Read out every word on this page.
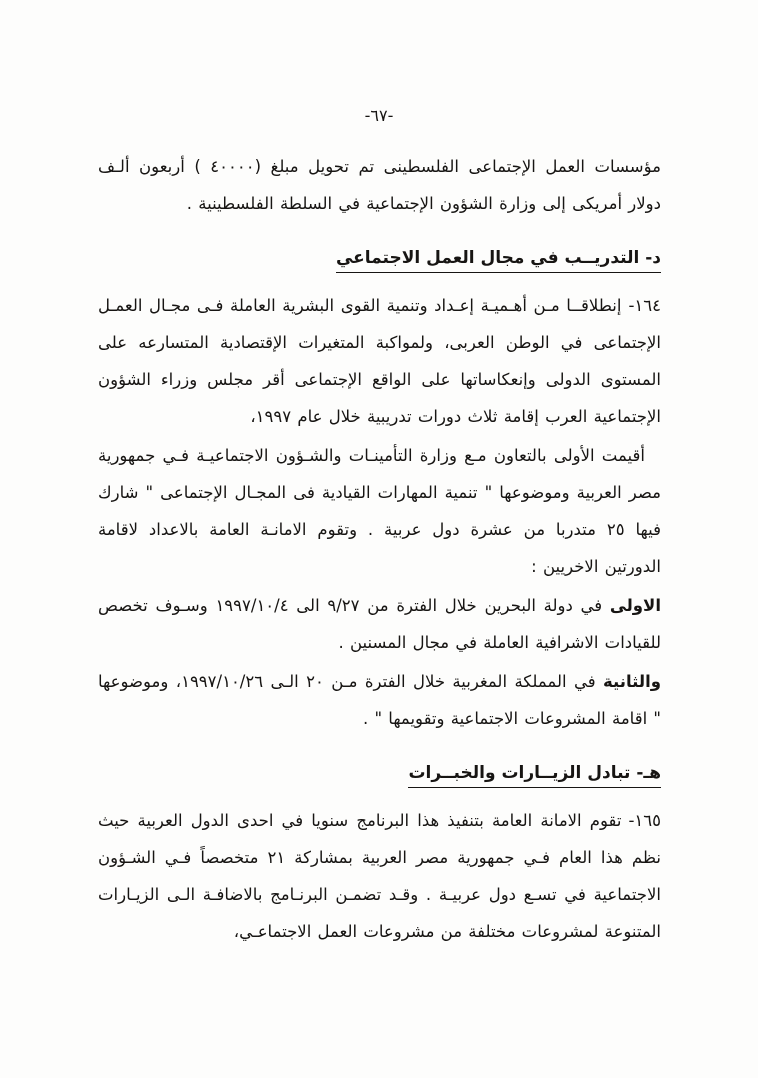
-٦٧-

مؤسسات العمل الإجتماعى الفلسطينى تم تحويل مبلغ (٤٠٠٠٠ ) أربعون ألـف دولار أمريكى إلى وزارة الشؤون الإجتماعية في السلطة الفلسطينية .

د- التدريــب في مجال العمل الاجتماعي

١٦٤-إنطلاقــا مـن أهـميـة إعـداد وتنمية القوى البشرية العاملة فـى مجـال العمـل الإجتماعى في الوطن العربى، ولمواكبة المتغيرات الإقتصادية المتسارعه على المستوى الدولى وإنعكاساتها على الواقع الإجتماعى أقر مجلس وزراء الشؤون الإجتماعية العرب إقامة ثلاث دورات تدريبية خلال عام ١٩٩٧،

أقيمت الأولى بالتعاون مـع وزارة التأمينـات والشـؤون الاجتماعيـة فـي جمهورية مصر العربية وموضوعها " تنمية المهارات القيادية فى المجـال الإجتماعى " شارك فيها ٢٥ متدربا من عشرة دول عربية . وتقوم الامانـة العامة بالاعداد لاقامة الدورتين الاخريين :

الاولى في دولة البحرين خلال الفترة من ٩/٢٧ الى ١٩٩٧/١٠/٤ وسـوف تخصص للقيادات الاشرافية العاملة في مجال المسنين .

والثانية في المملكة المغربية خلال الفترة مـن ٢٠ الـى ١٩٩٧/١٠/٢٦، وموضوعها " اقامة المشروعات الاجتماعية وتقويمها " .

هـ- تبادل الزيــارات والخبــرات

١٦٥-تقوم الامانة العامة بتنفيذ هذا البرنامج سنويا في احدى الدول العربية حيث نظم هذا العام فـي جمهورية مصر العربية بمشاركة ٢١ متخصصاً فـي الشـؤون الاجتماعية في تسـع دول عربيـة . وقـد تضمـن البرنـامج بالاضافـة الـى الزيـارات المتنوعة لمشروعات مختلفة من مشروعات العمل الاجتماعـي،
